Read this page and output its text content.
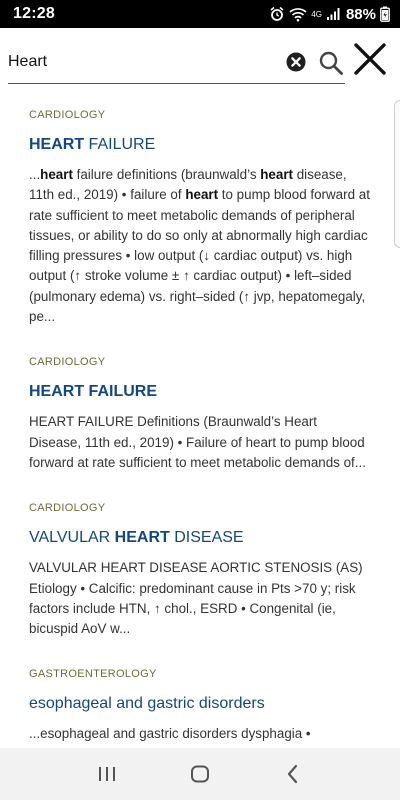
12:28	4G 88%
Heart
CARDIOLOGY
HEART FAILURE
...heart failure definitions (braunwald’s heart disease, 11th ed., 2019) • failure of heart to pump blood forward at rate sufficient to meet metabolic demands of peripheral tissues, or ability to do so only at abnormally high cardiac filling pressures • low output (↓ cardiac output) vs. high output (↑ stroke volume ± ↑ cardiac output) • left–sided (pulmonary edema) vs. right–sided (↑ jvp, hepatomegaly, pe...
CARDIOLOGY
HEART FAILURE
HEART FAILURE Definitions (Braunwald’s Heart Disease, 11th ed., 2019) • Failure of heart to pump blood forward at rate sufficient to meet metabolic demands of...
CARDIOLOGY
VALVULAR HEART DISEASE
VALVULAR HEART DISEASE AORTIC STENOSIS (AS) Etiology • Calcific: predominant cause in Pts >70 y; risk factors include HTN, ↑ chol., ESRD • Congenital (ie, bicuspid AoV w...
GASTROENTEROLOGY
esophageal and gastric disorders
...esophageal and gastric disorders dysphagia •
